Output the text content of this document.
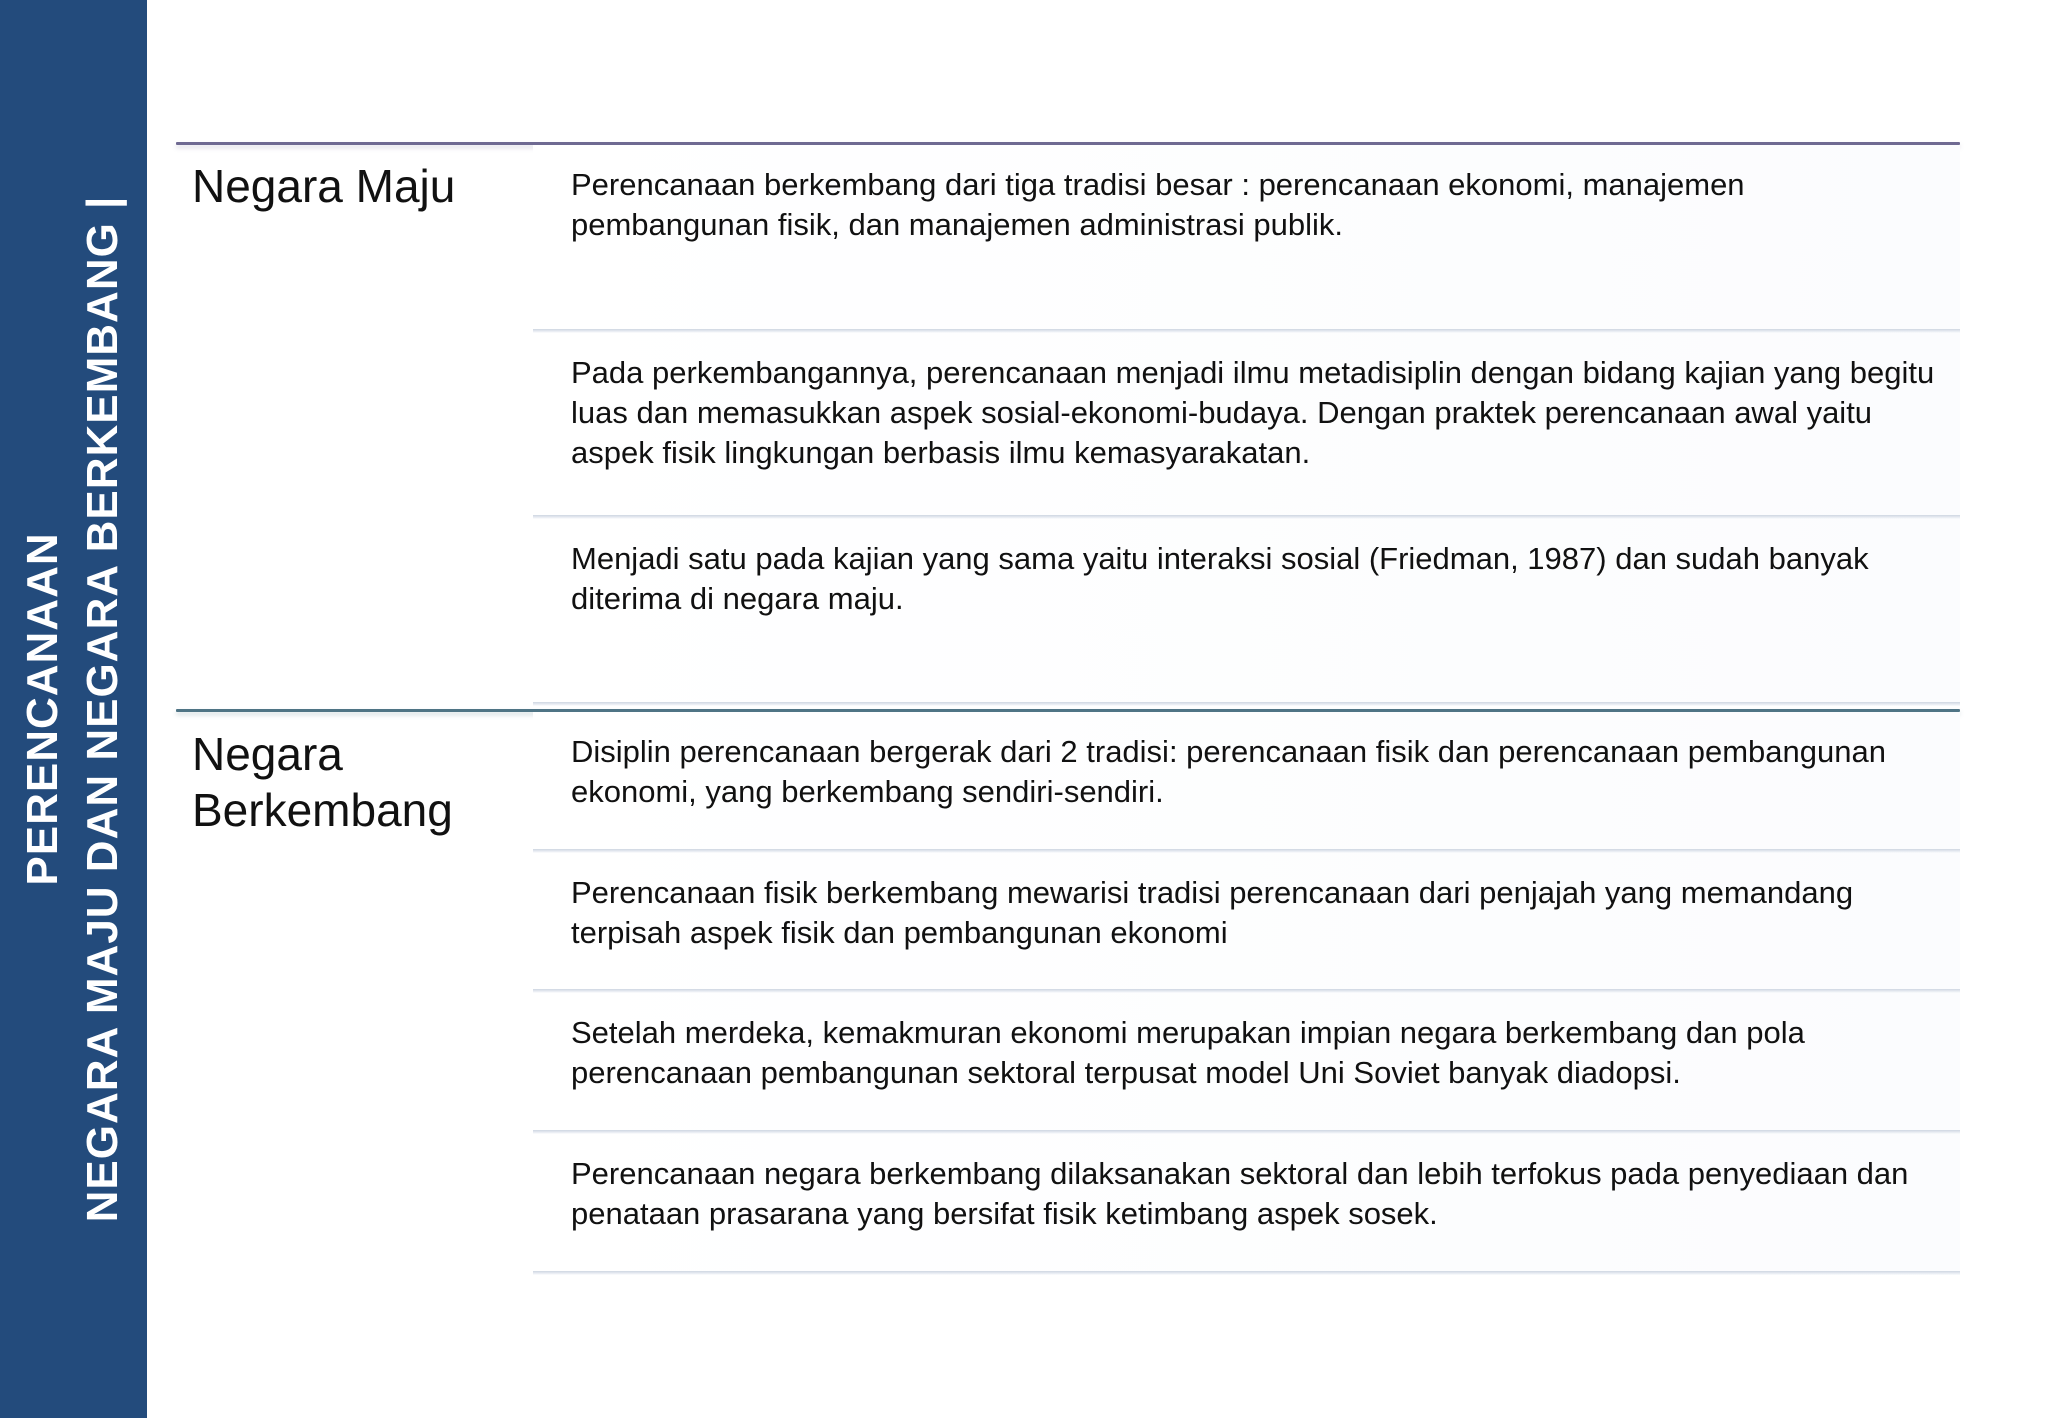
PERENCANAAN NEGARA MAJU DAN NEGARA BERKEMBANG |
Negara Maju	Perencanaan berkembang dari tiga tradisi besar : perencanaan ekonomi, manajemen pembangunan fisik, dan manajemen administrasi publik.
Pada perkembangannya, perencanaan menjadi ilmu metadisiplin dengan bidang kajian yang begitu luas dan memasukkan aspek sosial-ekonomi-budaya. Dengan praktek perencanaan awal yaitu aspek fisik lingkungan berbasis ilmu kemasyarakatan.
Menjadi satu pada kajian yang sama yaitu interaksi sosial (Friedman, 1987) dan sudah banyak diterima di negara maju.
Negara
Berkembang
Disiplin perencanaan bergerak dari 2 tradisi: perencanaan fisik dan perencanaan pembangunan ekonomi, yang berkembang sendiri-sendiri.
Perencanaan fisik berkembang mewarisi tradisi perencanaan dari penjajah yang memandang terpisah aspek fisik dan pembangunan ekonomi
Setelah merdeka, kemakmuran ekonomi merupakan impian negara berkembang dan pola perencanaan pembangunan sektoral terpusat model Uni Soviet banyak diadopsi.
Perencanaan negara berkembang dilaksanakan sektoral dan lebih terfokus pada penyediaan dan penataan prasarana yang bersifat fisik ketimbang aspek sosek.
